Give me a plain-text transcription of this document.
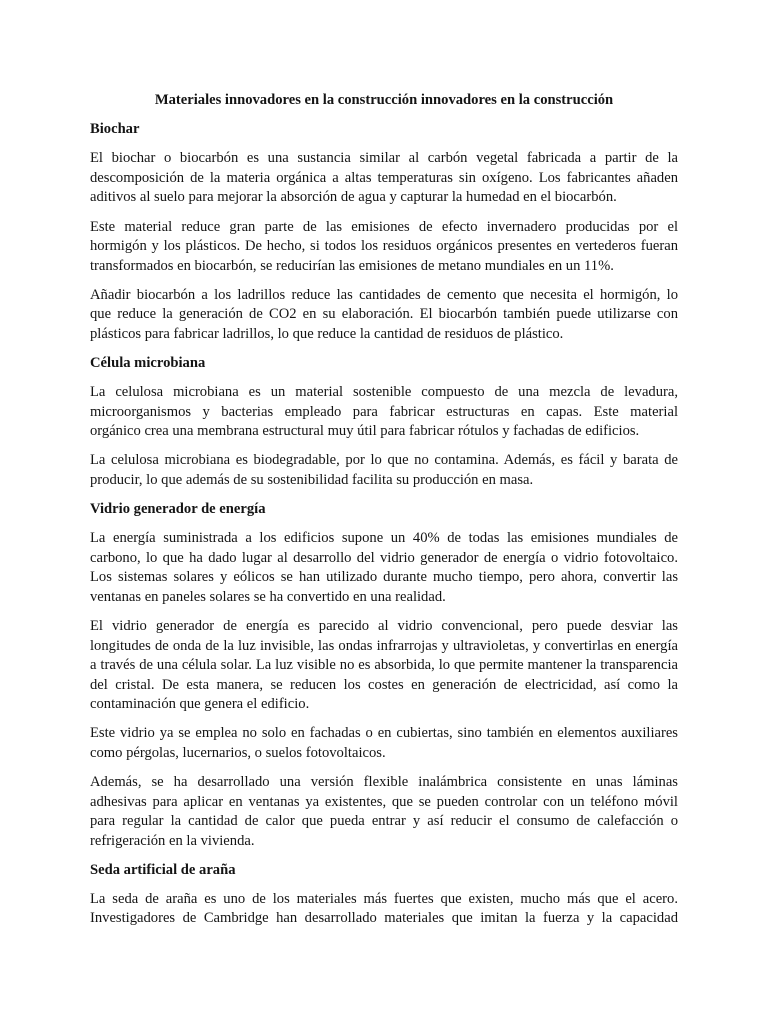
Materiales innovadores en la construcción innovadores en la construcción
Biochar
El biochar o biocarbón es una sustancia similar al carbón vegetal fabricada a partir de la
descomposición de la materia orgánica a altas temperaturas sin oxígeno. Los fabricantes añaden
aditivos al suelo para mejorar la absorción de agua y capturar la humedad en el biocarbón.
Este material reduce gran parte de las emisiones de efecto invernadero producidas por el
hormigón y los plásticos. De hecho, si todos los residuos orgánicos presentes en vertederos fueran
transformados en biocarbón, se reducirían las emisiones de metano mundiales en un 11%.
Añadir biocarbón a los ladrillos reduce las cantidades de cemento que necesita el hormigón, lo
que reduce la generación de CO2 en su elaboración. El biocarbón también puede utilizarse con
plásticos para fabricar ladrillos, lo que reduce la cantidad de residuos de plástico.
Célula microbiana
La celulosa microbiana es un material sostenible compuesto de una mezcla de levadura,
microorganismos y bacterias empleado para fabricar estructuras en capas. Este material
orgánico crea una membrana estructural muy útil para fabricar rótulos y fachadas de edificios.
La celulosa microbiana es biodegradable, por lo que no contamina. Además, es fácil y barata de
producir, lo que además de su sostenibilidad facilita su producción en masa.
Vidrio generador de energía
La energía suministrada a los edificios supone un 40% de todas las emisiones mundiales de
carbono, lo que ha dado lugar al desarrollo del vidrio generador de energía o vidrio fotovoltaico.
Los sistemas solares y eólicos se han utilizado durante mucho tiempo, pero ahora, convertir las
ventanas en paneles solares se ha convertido en una realidad.
El vidrio generador de energía es parecido al vidrio convencional, pero puede desviar las
longitudes de onda de la luz invisible, las ondas infrarrojas y ultravioletas, y convertirlas en energía
a través de una célula solar. La luz visible no es absorbida, lo que permite mantener la transparencia
del cristal. De esta manera, se reducen los costes en generación de electricidad, así como la
contaminación que genera el edificio.
Este vidrio ya se emplea no solo en fachadas o en cubiertas, sino también en elementos auxiliares
como pérgolas, lucernarios, o suelos fotovoltaicos.
Además, se ha desarrollado una versión flexible inalámbrica consistente en unas láminas
adhesivas para aplicar en ventanas ya existentes, que se pueden controlar con un teléfono móvil
para regular la cantidad de calor que pueda entrar y así reducir el consumo de calefacción o
refrigeración en la vivienda.
Seda artificial de araña
La seda de araña es uno de los materiales más fuertes que existen, mucho más que el acero.
Investigadores de Cambridge han desarrollado materiales que imitan la fuerza y la capacidad
